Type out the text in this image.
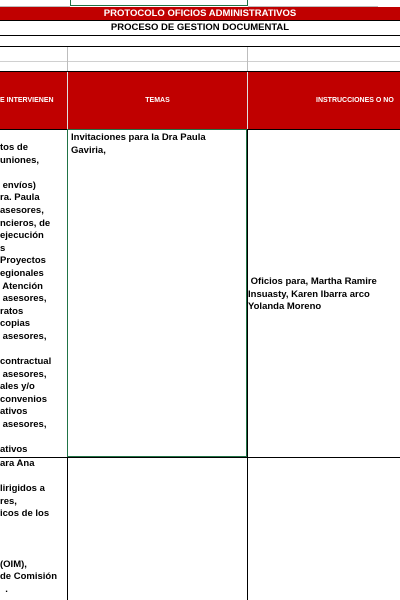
PROTOCOLO OFICIOS ADMINISTRATIVOS
PROCESO DE GESTION DOCUMENTAL
E INTERVIENEN	TEMAS	INSTRUCCIONES O NO
tos de
uniones,

envíos)
ra. Paula
asesores,
ncieros, de
ejecución
s
Proyectos
egionales
Atención
asesores,
ratos
copias
asesores,

contractual
asesores,
ales y/o
convenios
ativos
asesores,

ativos
Invitaciones para la Dra Paula
Gaviria,
Oficios para, Martha Ramire
Insuasty, Karen Ibarra arco
Yolanda Moreno
ara Ana

lirigidos a
res,
icos de los

(OIM),
de Comisión
.
